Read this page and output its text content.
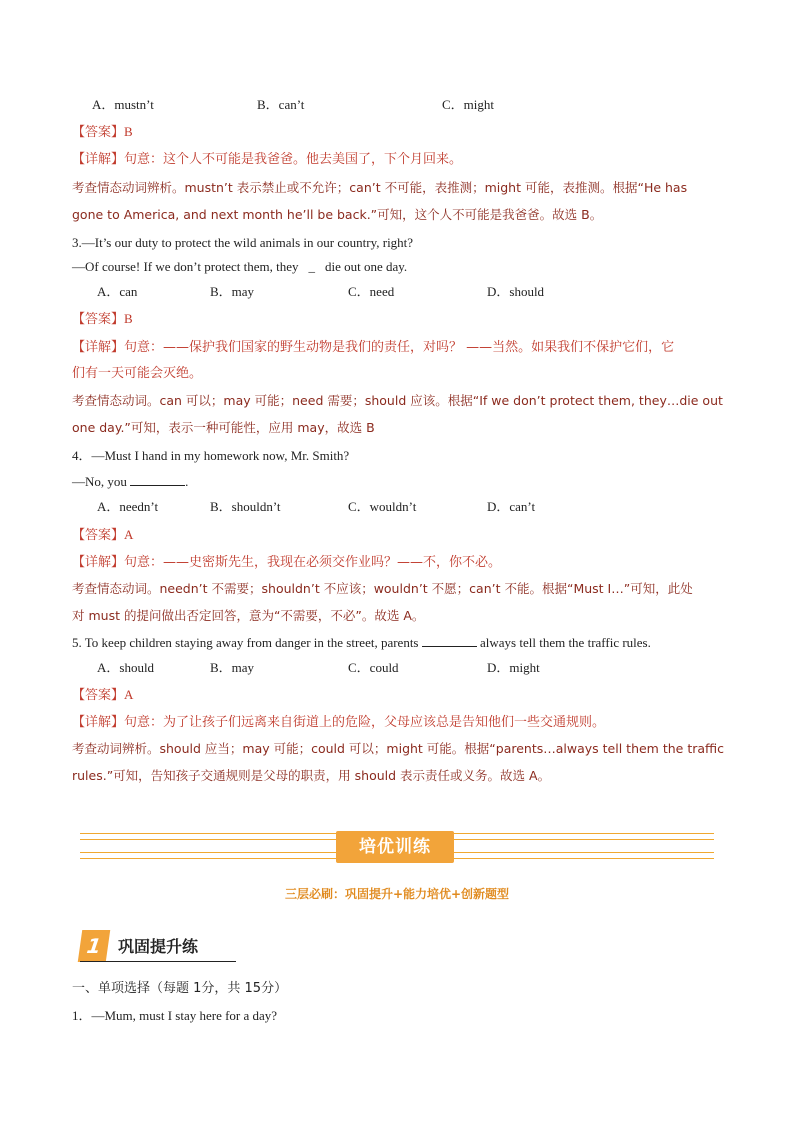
A．mustn’t	B．can’t	C．might
【答案】B
【详解】句意：这个人不可能是我爸爸。他去美国了，下个月回来。
考查情态动词辨析。mustn’t 表示禁止或不允许；can’t 不可能，表推测；might 可能，表推测。根据“He has
gone to America, and next month he’ll be back.”可知，这个人不可能是我爸爸。故选 B。
3.—It’s our duty to protect the wild animals in our country, right?
—Of course! If we don’t protect them, they _ die out one day.
A．can	B．may	C．need	D．should
【答案】B
【详解】句意：——保护我们国家的野生动物是我们的责任，对吗？ ——当然。如果我们不保护它们，它
们有一天可能会灭绝。
考查情态动词。can 可以；may 可能；need 需要；should 应该。根据“If we don’t protect them, they…die out
one day.”可知，表示一种可能性，应用 may，故选 B
4．—Must I hand in my homework now, Mr. Smith?
—No, you	.
A．needn’t	B．shouldn’t	C．wouldn’t	D．can’t
【答案】A
【详解】句意：——史密斯先生，我现在必须交作业吗？——不，你不必。
考查情态动词。needn’t 不需要；shouldn’t 不应该；wouldn’t 不愿；can’t 不能。根据“Must I…”可知，此处
对 must 的提问做出否定回答，意为“不需要，不必”。故选 A。
5. To keep children staying away from danger in the street, parents	always tell them the traffic rules.
A．should	B．may	C．could	D．might
【答案】A
【详解】句意：为了让孩子们远离来自街道上的危险，父母应该总是告知他们一些交通规则。
考查动词辨析。should 应当；may 可能；could 可以；might 可能。根据“parents…always tell them the traffic
rules.”可知，告知孩子交通规则是父母的职责，用 should 表示责任或义务。故选 A。
培优训练
三层必刷：巩固提升+能力培优+创新题型
1 巩固提升练
一、单项选择（每题 1分，共 15分）
1．—Mum, must I stay here for a day?
